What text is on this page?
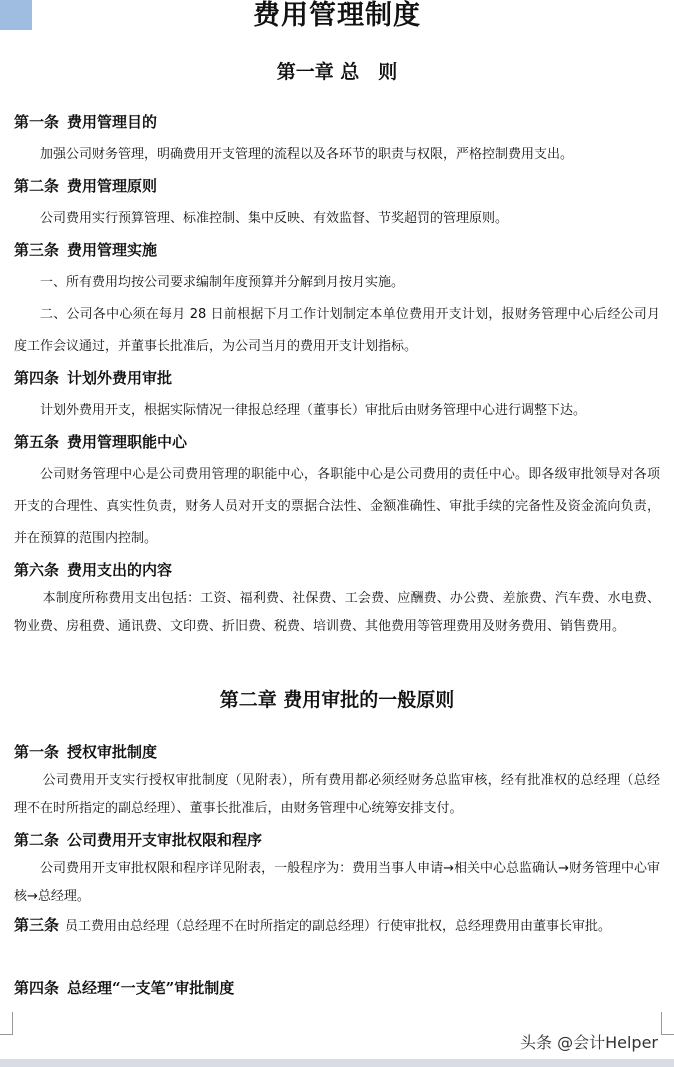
费用管理制度
第一章 总　则
第一条 费用管理目的
加强公司财务管理，明确费用开支管理的流程以及各环节的职责与权限，严格控制费用支出。
第二条 费用管理原则
公司费用实行预算管理、标准控制、集中反映、有效监督、节奖超罚的管理原则。
第三条 费用管理实施
一、所有费用均按公司要求编制年度预算并分解到月按月实施。
二、公司各中心须在每月 28 日前根据下月工作计划制定本单位费用开支计划，报财务管理中心后经公司月度工作会议通过，并董事长批准后，为公司当月的费用开支计划指标。
第四条 计划外费用审批
计划外费用开支，根据实际情况一律报总经理（董事长）审批后由财务管理中心进行调整下达。
第五条 费用管理职能中心
公司财务管理中心是公司费用管理的职能中心，各职能中心是公司费用的责任中心。即各级审批领导对各项开支的合理性、真实性负责，财务人员对开支的票据合法性、金额准确性、审批手续的完备性及资金流向负责，并在预算的范围内控制。
第六条 费用支出的内容
本制度所称费用支出包括：工资、福利费、社保费、工会费、应酬费、办公费、差旅费、汽车费、水电费、物业费、房租费、通讯费、文印费、折旧费、税费、培训费、其他费用等管理费用及财务费用、销售费用。
第二章 费用审批的一般原则
第一条 授权审批制度
公司费用开支实行授权审批制度（见附表），所有费用都必须经财务总监审核，经有批准权的总经理（总经理不在时所指定的副总经理）、董事长批准后，由财务管理中心统筹安排支付。
第二条 公司费用开支审批权限和程序
公司费用开支审批权限和程序详见附表，一般程序为：费用当事人申请→相关中心总监确认→财务管理中心审核→总经理。
第三条 员工费用由总经理（总经理不在时所指定的副总经理）行使审批权，总经理费用由董事长审批。
第四条 总经理“一支笔”审批制度
头条 @会计Helper
